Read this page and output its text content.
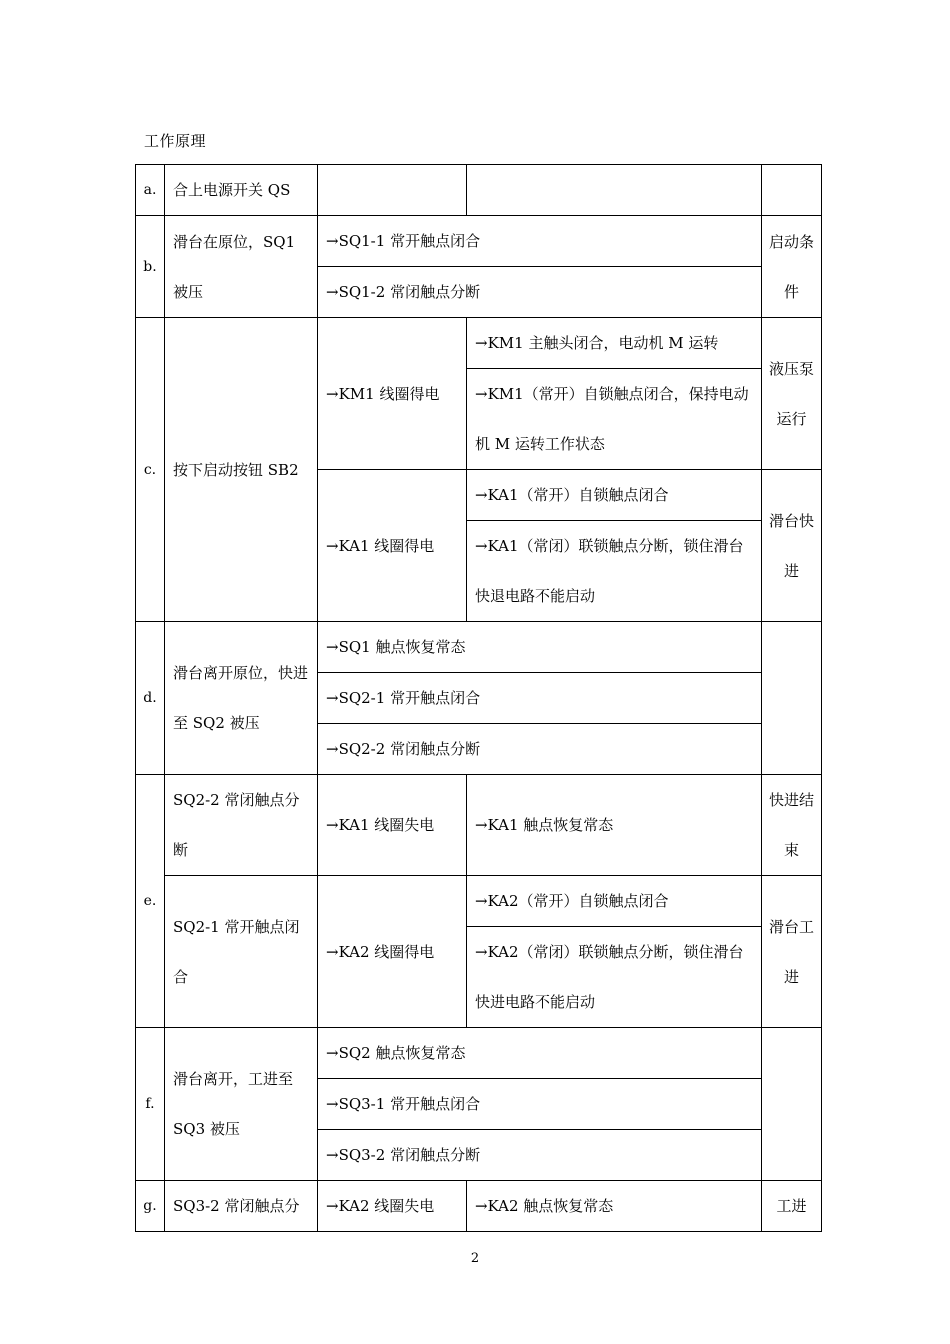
工作原理
a.	合上电源开关 QS			
b.	滑台在原位，SQ1 被压	→SQ1-1 常开触点闭合		启动条件
		→SQ1-2 常闭触点分断		
c.	按下启动按钮 SB2	→KM1 线圈得电	→KM1 主触头闭合，电动机 M 运转	液压泵运行
			→KM1（常开）自锁触点闭合，保持电动机 M 运转工作状态	

		→KA1 线圈得电	→KA1（常开）自锁触点闭合	滑台快进
			→KA1（常闭）联锁触点分断，锁住滑台快退电路不能启动	

d.	滑台离开原位，快进至 SQ2 被压	→SQ1 触点恢复常态		
		→SQ2-1 常开触点闭合		
		→SQ2-2 常闭触点分断		
e.	SQ2-2 常闭触点分断	→KA1 线圈失电	→KA1 触点恢复常态	快进结束

	SQ2-1 常开触点闭合	→KA2 线圈得电	→KA2（常开）自锁触点闭合	滑台工进
			→KA2（常闭）联锁触点分断，锁住滑台快进电路不能启动	

f.	滑台离开，工进至 SQ3 被压	→SQ2 触点恢复常态		
		→SQ3-1 常开触点闭合		
		→SQ3-2 常闭触点分断		
g.	SQ3-2 常闭触点分	→KA2 线圈失电	→KA2 触点恢复常态	工进
2
